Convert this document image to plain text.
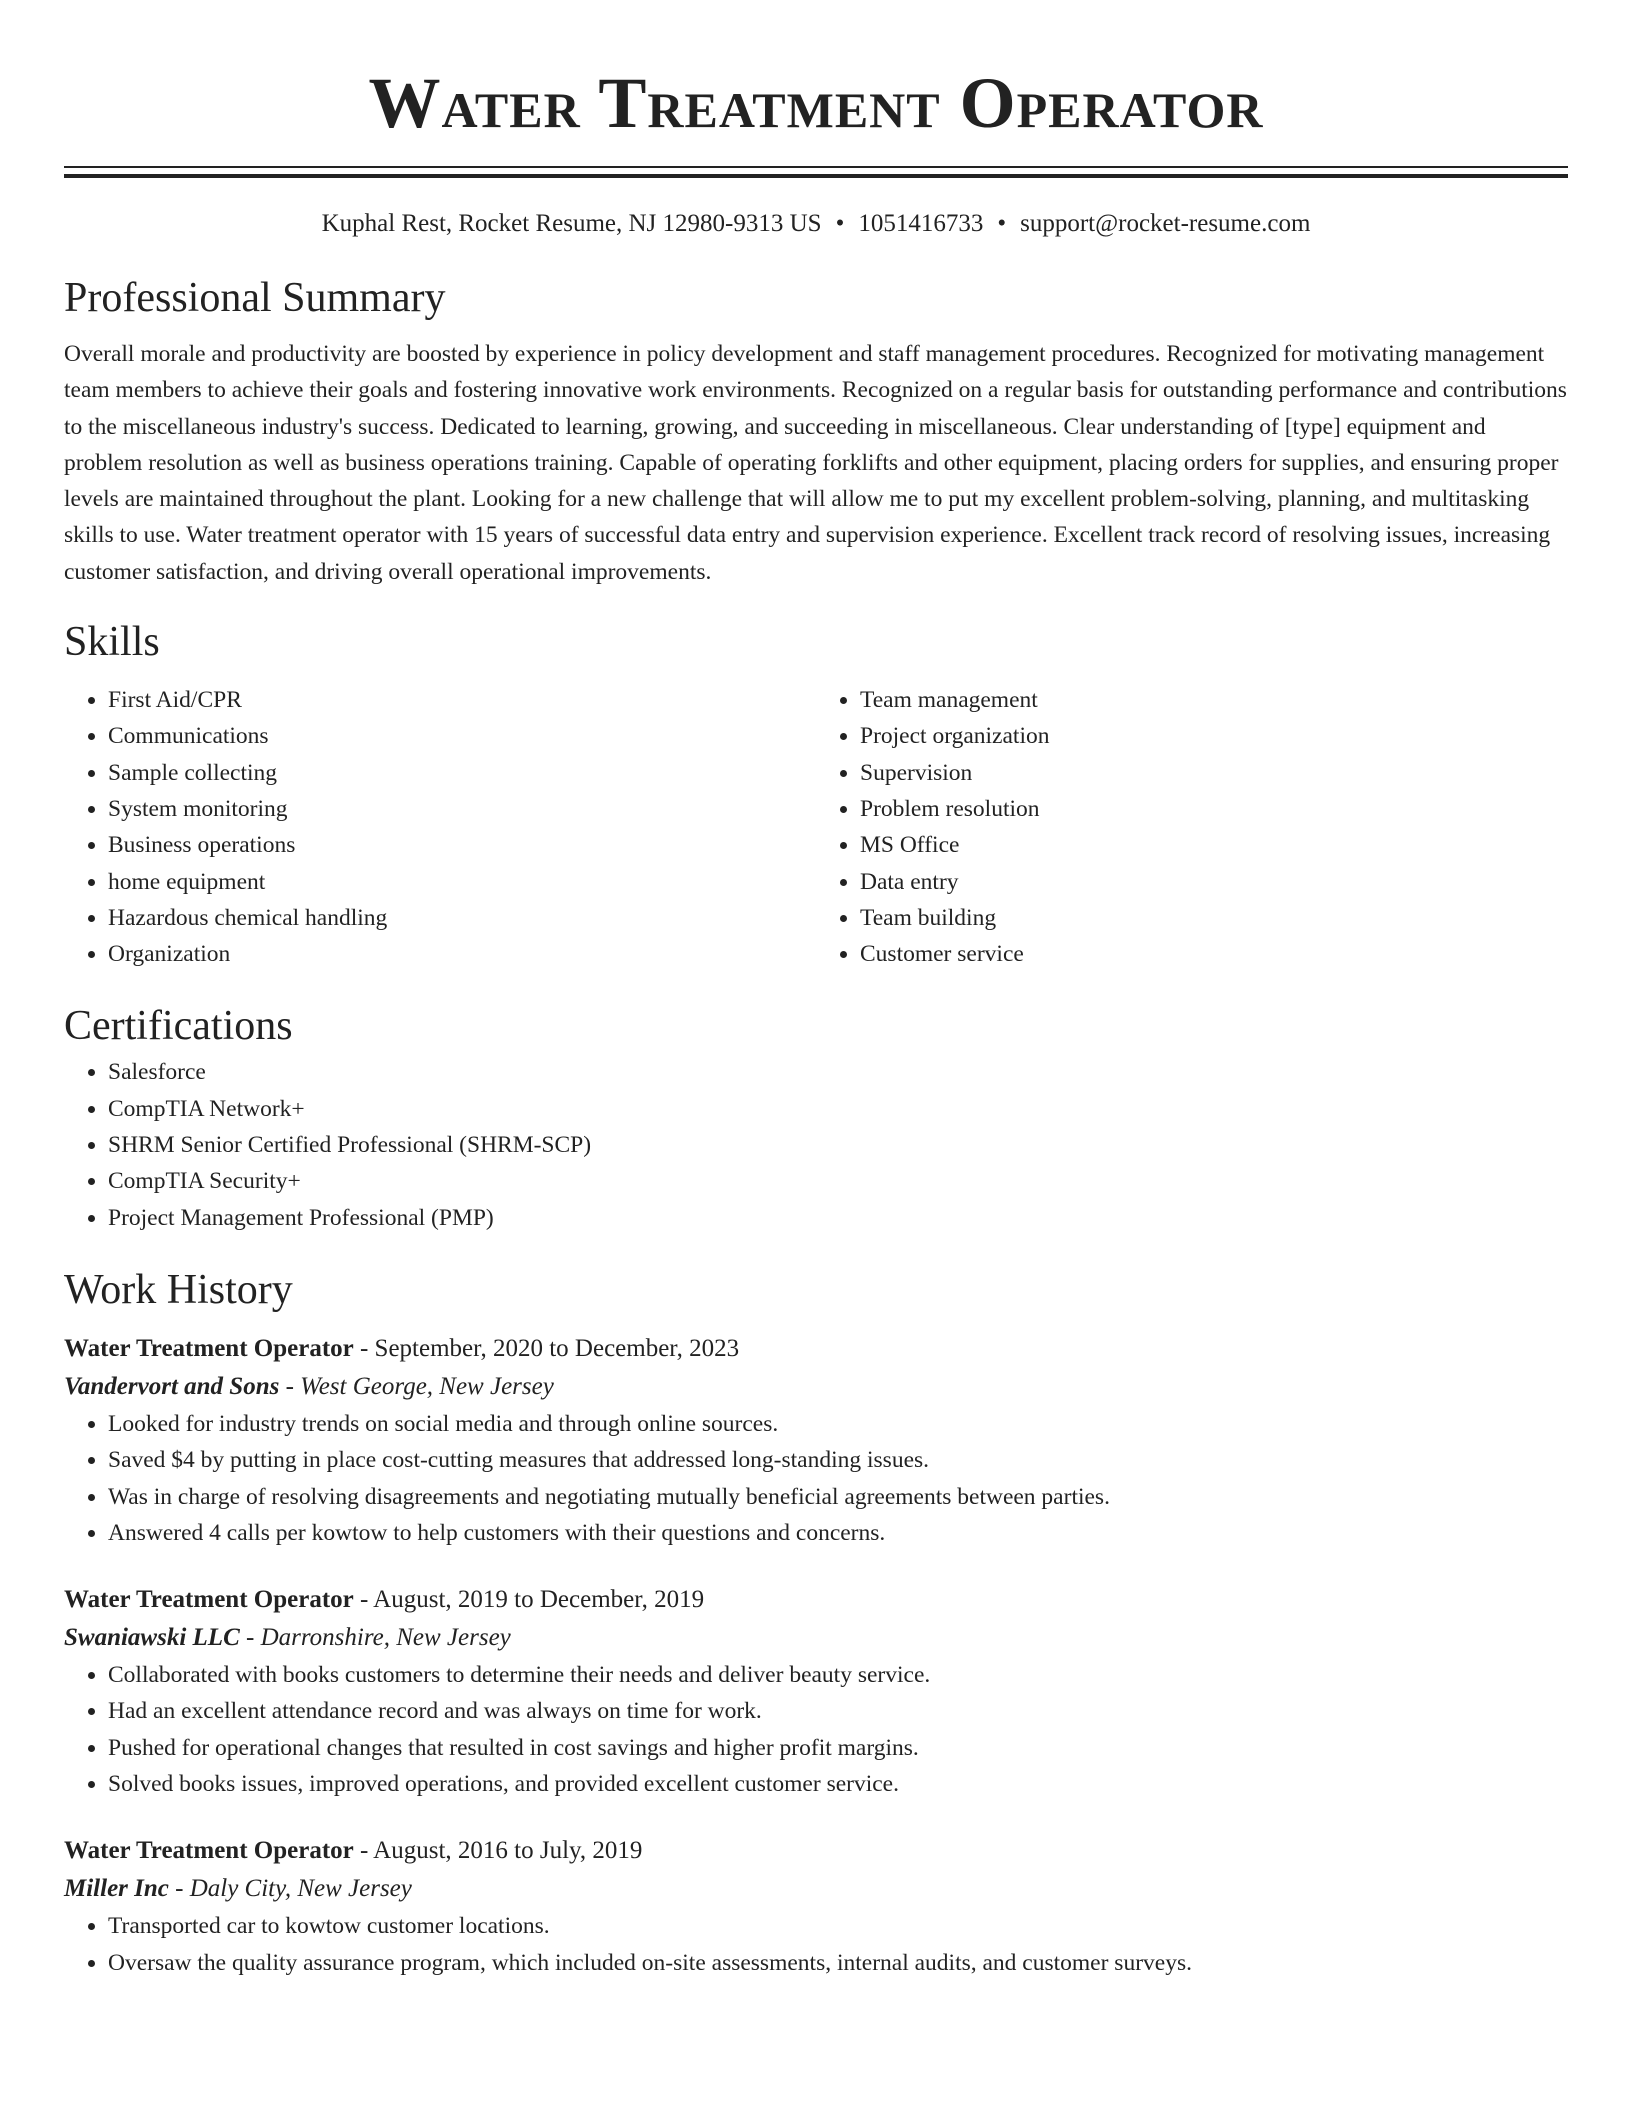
Water Treatment Operator
Kuphal Rest, Rocket Resume, NJ 12980-9313 US • 1051416733 • support@rocket-resume.com
Professional Summary
Overall morale and productivity are boosted by experience in policy development and staff management procedures. Recognized for motivating management team members to achieve their goals and fostering innovative work environments. Recognized on a regular basis for outstanding performance and contributions to the miscellaneous industry's success. Dedicated to learning, growing, and succeeding in miscellaneous. Clear understanding of [type] equipment and problem resolution as well as business operations training. Capable of operating forklifts and other equipment, placing orders for supplies, and ensuring proper levels are maintained throughout the plant. Looking for a new challenge that will allow me to put my excellent problem-solving, planning, and multitasking skills to use. Water treatment operator with 15 years of successful data entry and supervision experience. Excellent track record of resolving issues, increasing customer satisfaction, and driving overall operational improvements.
Skills
• First Aid/CPR
• Communications
• Sample collecting
• System monitoring
• Business operations
• home equipment
• Hazardous chemical handling
• Organization
• Team management
• Project organization
• Supervision
• Problem resolution
• MS Office
• Data entry
• Team building
• Customer service
Certifications
• Salesforce
• CompTIA Network+
• SHRM Senior Certified Professional (SHRM-SCP)
• CompTIA Security+
• Project Management Professional (PMP)
Work History
Water Treatment Operator - September, 2020 to December, 2023
Vandervort and Sons - West George, New Jersey
• Looked for industry trends on social media and through online sources.
• Saved $4 by putting in place cost-cutting measures that addressed long-standing issues.
• Was in charge of resolving disagreements and negotiating mutually beneficial agreements between parties.
• Answered 4 calls per kowtow to help customers with their questions and concerns.
Water Treatment Operator - August, 2019 to December, 2019
Swaniawski LLC - Darronshire, New Jersey
• Collaborated with books customers to determine their needs and deliver beauty service.
• Had an excellent attendance record and was always on time for work.
• Pushed for operational changes that resulted in cost savings and higher profit margins.
• Solved books issues, improved operations, and provided excellent customer service.
Water Treatment Operator - August, 2016 to July, 2019
Miller Inc - Daly City, New Jersey
• Transported car to kowtow customer locations.
• Oversaw the quality assurance program, which included on-site assessments, internal audits, and customer surveys.
